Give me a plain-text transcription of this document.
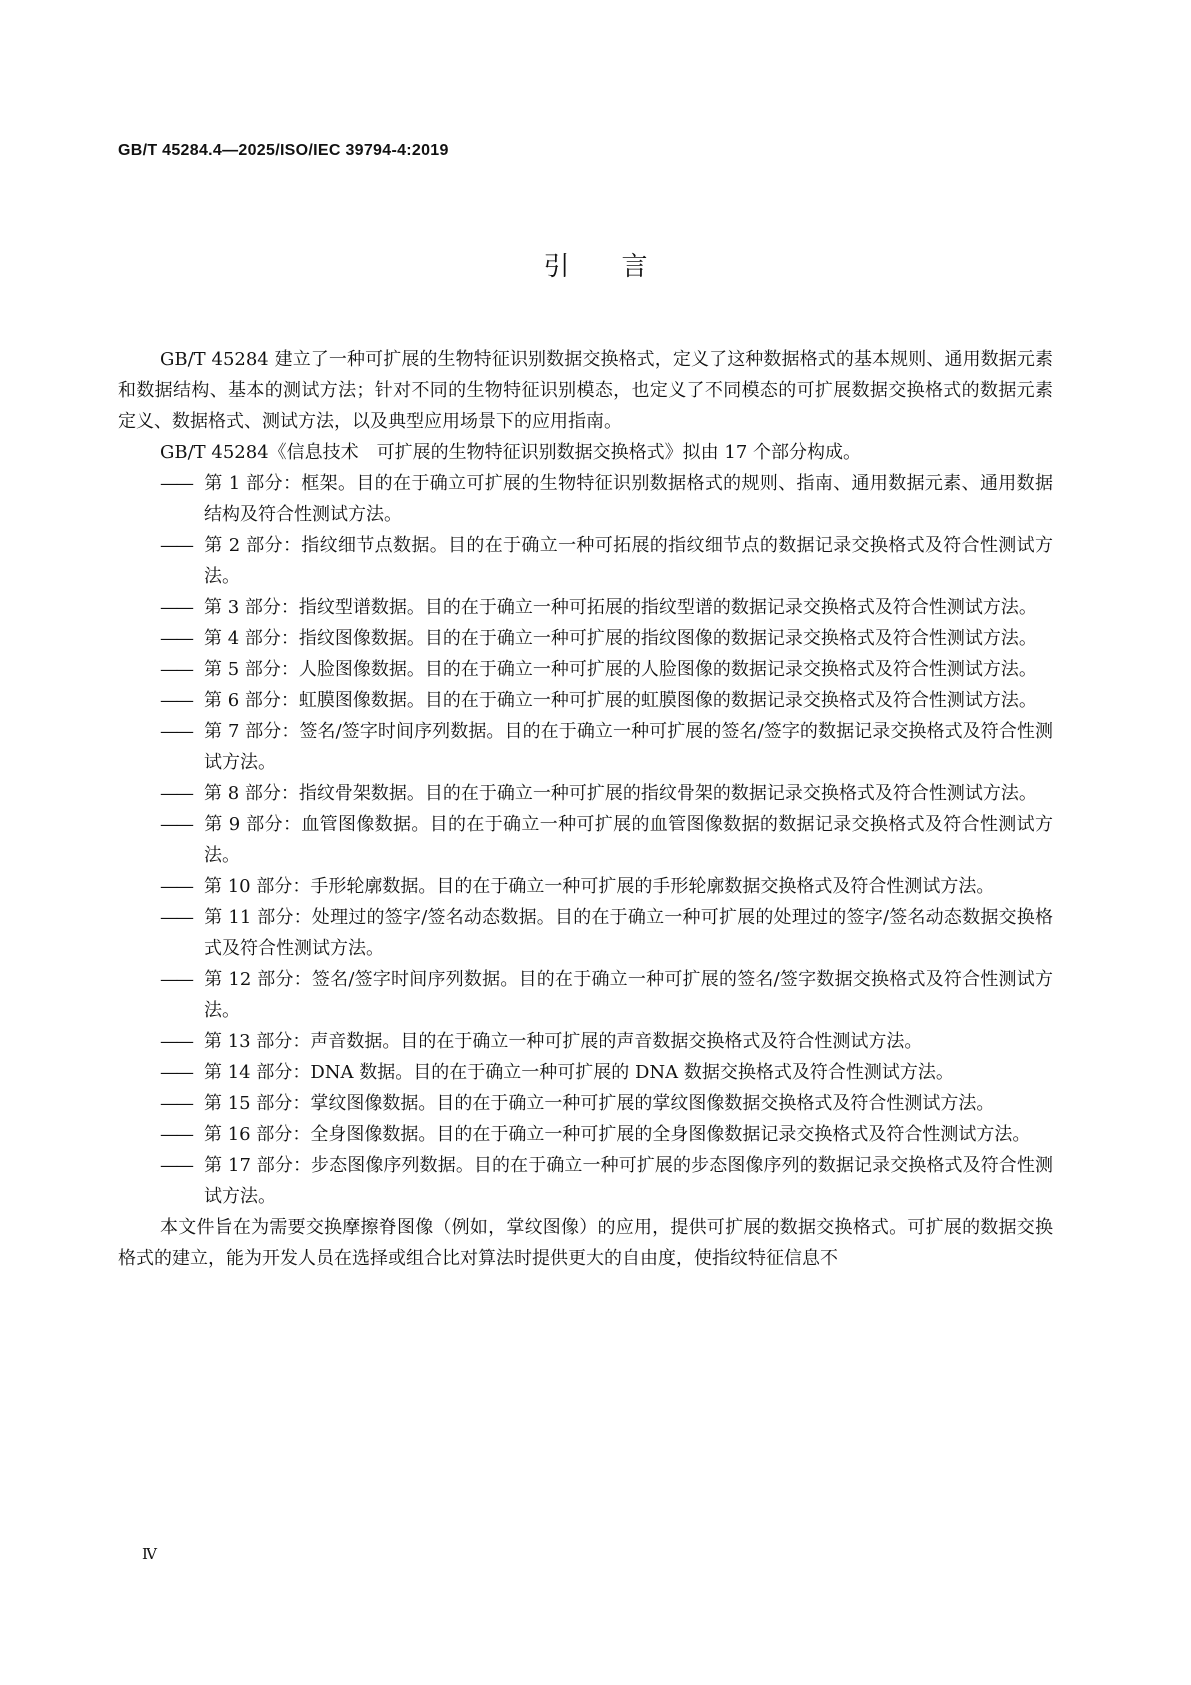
GB/T 45284.4—2025/ISO/IEC 39794-4:2019
引言

GB/T 45284 建立了一种可扩展的生物特征识别数据交换格式，定义了这种数据格式的基本规则、通用数据元素和数据结构、基本的测试方法；针对不同的生物特征识别模态，也定义了不同模态的可扩展数据交换格式的数据元素定义、数据格式、测试方法，以及典型应用场景下的应用指南。

GB/T 45284《信息技术　可扩展的生物特征识别数据交换格式》拟由 17 个部分构成。

—— 第 1 部分：框架。目的在于确立可扩展的生物特征识别数据格式的规则、指南、通用数据元素、通用数据结构及符合性测试方法。

—— 第 2 部分：指纹细节点数据。目的在于确立一种可拓展的指纹细节点的数据记录交换格式及符合性测试方法。

—— 第 3 部分：指纹型谱数据。目的在于确立一种可拓展的指纹型谱的数据记录交换格式及符合性测试方法。

—— 第 4 部分：指纹图像数据。目的在于确立一种可扩展的指纹图像的数据记录交换格式及符合性测试方法。

—— 第 5 部分：人脸图像数据。目的在于确立一种可扩展的人脸图像的数据记录交换格式及符合性测试方法。

—— 第 6 部分：虹膜图像数据。目的在于确立一种可扩展的虹膜图像的数据记录交换格式及符合性测试方法。

—— 第 7 部分：签名/签字时间序列数据。目的在于确立一种可扩展的签名/签字的数据记录交换格式及符合性测试方法。

—— 第 8 部分：指纹骨架数据。目的在于确立一种可扩展的指纹骨架的数据记录交换格式及符合性测试方法。

—— 第 9 部分：血管图像数据。目的在于确立一种可扩展的血管图像数据的数据记录交换格式及符合性测试方法。

—— 第 10 部分：手形轮廓数据。目的在于确立一种可扩展的手形轮廓数据交换格式及符合性测试方法。

—— 第 11 部分：处理过的签字/签名动态数据。目的在于确立一种可扩展的处理过的签字/签名动态数据交换格式及符合性测试方法。

—— 第 12 部分：签名/签字时间序列数据。目的在于确立一种可扩展的签名/签字数据交换格式及符合性测试方法。

—— 第 13 部分：声音数据。目的在于确立一种可扩展的声音数据交换格式及符合性测试方法。

—— 第 14 部分：DNA 数据。目的在于确立一种可扩展的 DNA 数据交换格式及符合性测试方法。

—— 第 15 部分：掌纹图像数据。目的在于确立一种可扩展的掌纹图像数据交换格式及符合性测试方法。

—— 第 16 部分：全身图像数据。目的在于确立一种可扩展的全身图像数据记录交换格式及符合性测试方法。

—— 第 17 部分：步态图像序列数据。目的在于确立一种可扩展的步态图像序列的数据记录交换格式及符合性测试方法。

本文件旨在为需要交换摩擦脊图像（例如，掌纹图像）的应用，提供可扩展的数据交换格式。可扩展的数据交换格式的建立，能为开发人员在选择或组合比对算法时提供更大的自由度，使指纹特征信息不

Ⅳ
